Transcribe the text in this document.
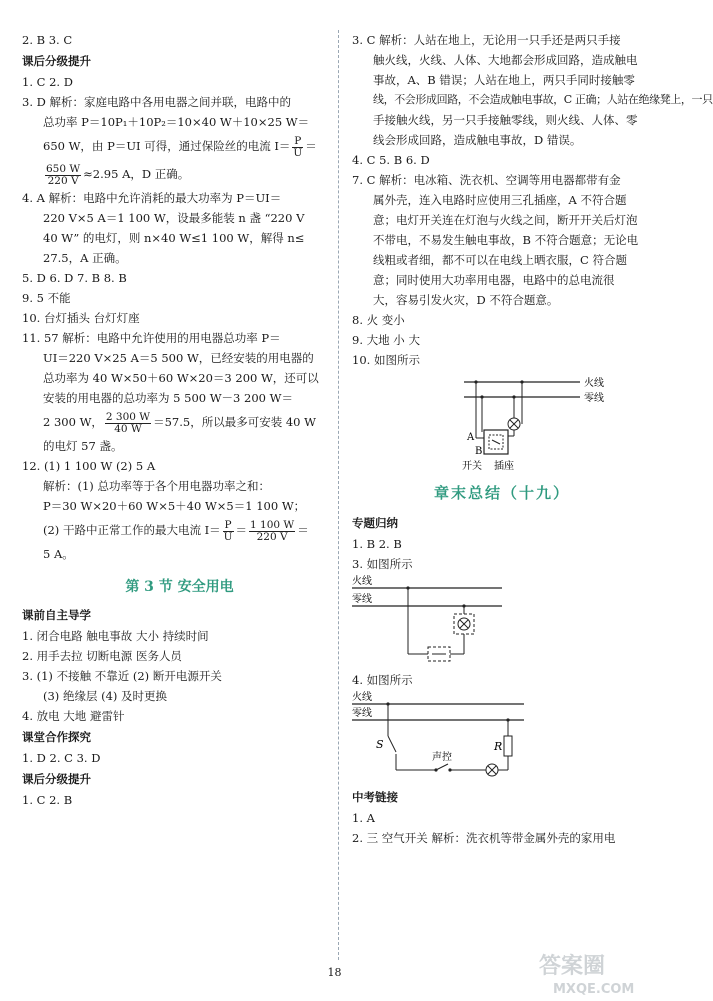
2. B 3. C
课后分级提升
1. C 2. D
3. D 解析：家庭电路中各用电器之间并联，电路中的
总功率 P＝10P₁＋10P₂＝10×40 W＋10×25 W＝
650 W，由 P＝UI 可得，通过保险丝的电流 $I= \frac{P}{U}$ ＝
$\frac{650 W}{220 V} \approx 2.95$ A，D 正确。
4. A 解析：电路中允许消耗的最大功率为 P＝UI＝
220 V×5 A＝1 100 W，设最多能装 n 盏 “220 V
40 W” 的电灯，则 n×40 W≤1 100 W，解得 n≤
27.5，A 正确。
5. D 6. D 7. B 8. B
9. 5 不能
10. 台灯插头 台灯灯座
11. 57 解析：电路中允许使用的用电器总功率 P＝
UI＝220 V×25 A＝5 500 W，已经安装的用电器的
总功率为 40 W×50＋60 W×20＝3 200 W，还可以
安装的用电器的总功率为 5 500 W－3 200 W＝
2 300 W， $\frac{2 300 W}{40 W} =57.5$，所以最多可安装 40 W
的电灯 57 盏。
12. (1) 1 100 W (2) 5 A
解析：(1) 总功率等于各个用电器功率之和：
P＝30 W×20＋60 W×5＋40 W×5＝1 100 W；
(2) 干路中正常工作的最大电流 $I= \frac{P}{U} = \frac{1 100 W}{220 V}$ ＝
5 A。
第 3 节 安全用电
课前自主导学
1. 闭合电路 触电事故 大小 持续时间
2. 用手去拉 切断电源 医务人员
3. (1) 不接触 不靠近 (2) 断开电源开关
(3) 绝缘层 (4) 及时更换
4. 放电 大地 避雷针
课堂合作探究
1. D 2. C 3. D
课后分级提升
1. C 2. B
3. C 解析：人站在地上，无论用一只手还是两只手接
触火线，火线、人体、大地都会形成回路，造成触电
事故，A、B 错误；人站在地上，两只手同时接触零
线，不会形成回路，不会造成触电事故，C 正确；人站在绝缘凳上，一只
手接触火线，另一只手接触零线，则火线、人体、零
线会形成回路，造成触电事故，D 错误。
4. C 5. B 6. D
7. C 解析：电冰箱、洗衣机、空调等用电器都带有金
属外壳，连入电路时应使用三孔插座，A 不符合题
意；电灯开关连在灯泡与火线之间，断开开关后灯泡
不带电，不易发生触电事故，B 不符合题意；无论电
线粗或者细，都不可以在电线上晒衣服，C 符合题
意；同时使用大功率用电器，电路中的总电流很
大，容易引发火灾，D 不符合题意。
8. 火 变小
9. 大地 小 大
10. 如图所示
火线
零线
A
B
开关 插座
章末总结（十九）
专题归纳
1. B 2. B
3. 如图所示
火线
零线
4. 如图所示
火线
零线
S
声控
R
中考链接
1. A
2. 三 空气开关 解析：洗衣机等带金属外壳的家用电
18	答案圈
MXQE.COM
